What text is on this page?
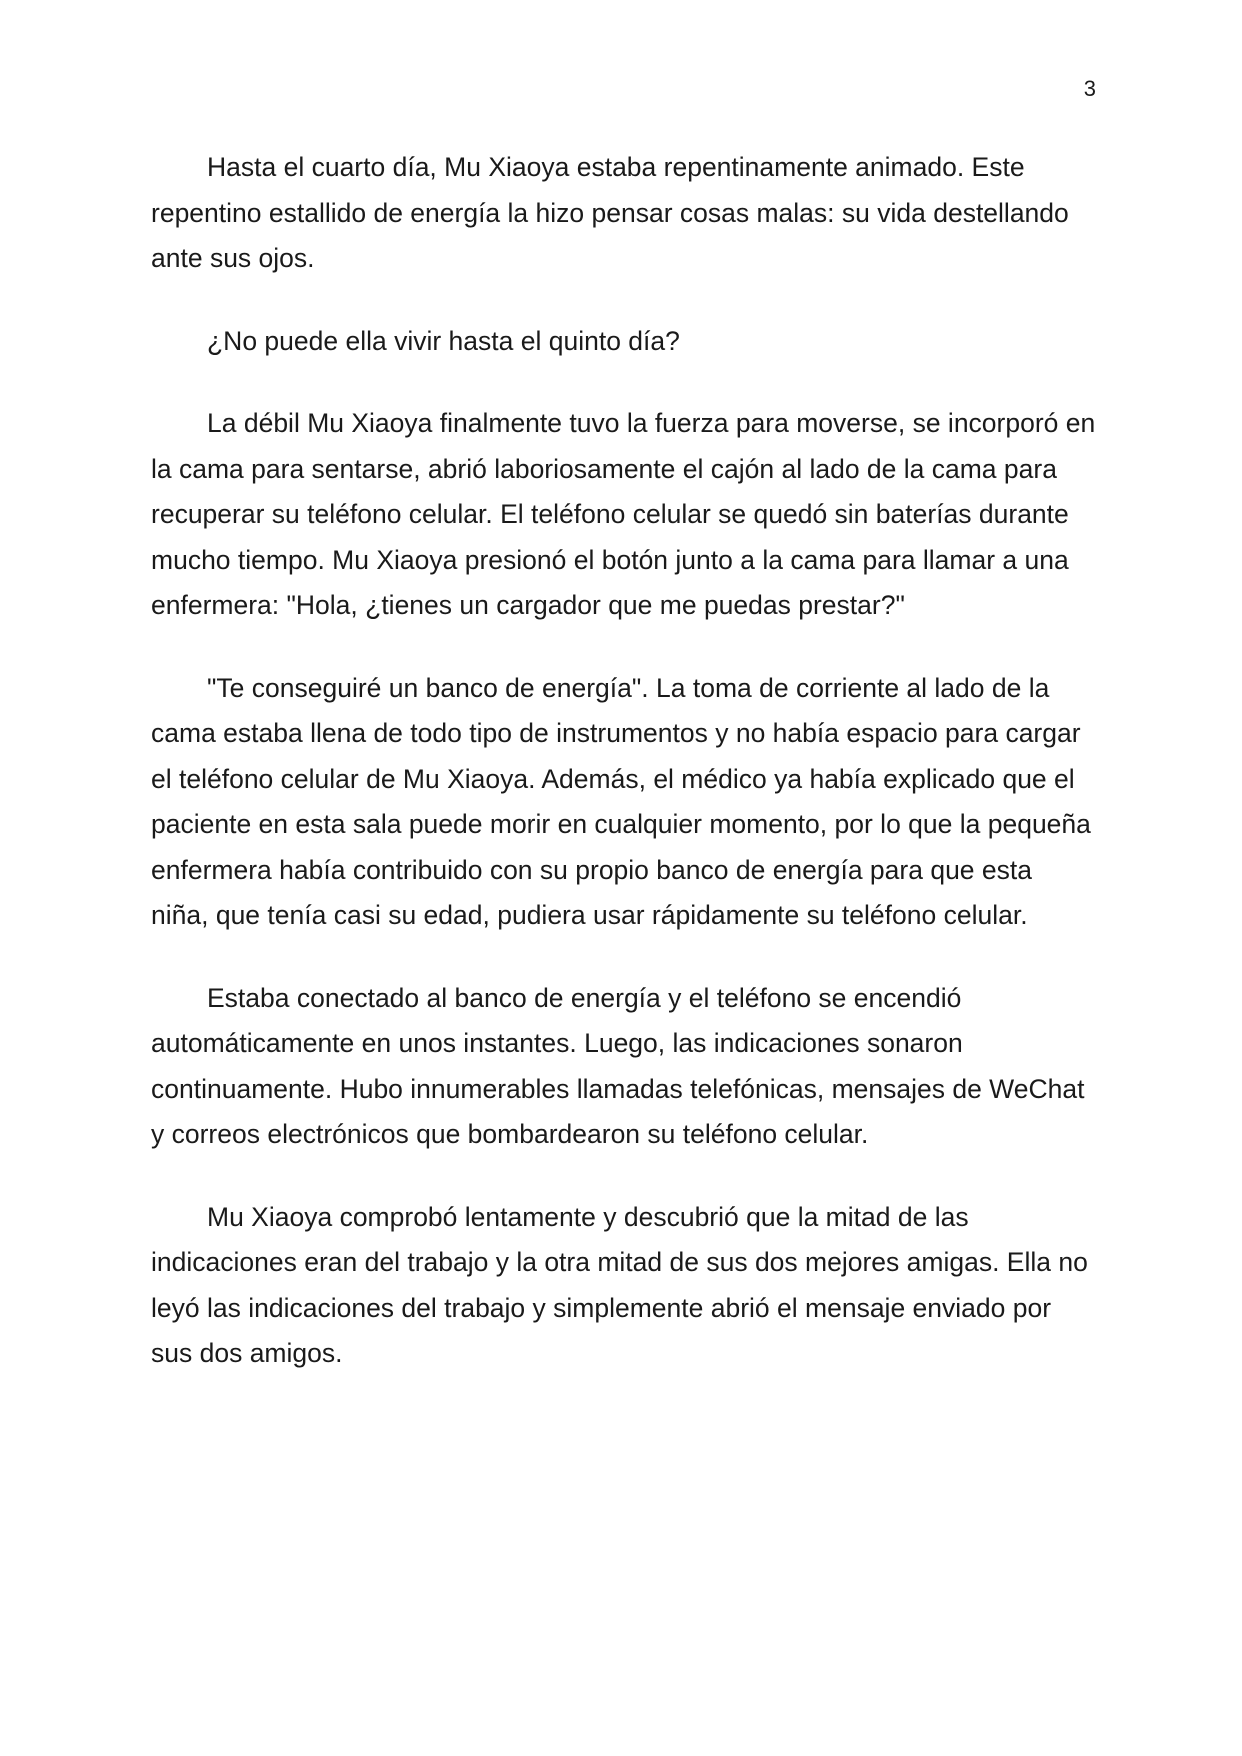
3

Hasta el cuarto día, Mu Xiaoya estaba repentinamente animado. Este repentino estallido de energía la hizo pensar cosas malas: su vida destellando ante sus ojos.

¿No puede ella vivir hasta el quinto día?

La débil Mu Xiaoya finalmente tuvo la fuerza para moverse, se incorporó en la cama para sentarse, abrió laboriosamente el cajón al lado de la cama para recuperar su teléfono celular. El teléfono celular se quedó sin baterías durante mucho tiempo. Mu Xiaoya presionó el botón junto a la cama para llamar a una enfermera: "Hola, ¿tienes un cargador que me puedas prestar?"

"Te conseguiré un banco de energía". La toma de corriente al lado de la cama estaba llena de todo tipo de instrumentos y no había espacio para cargar el teléfono celular de Mu Xiaoya. Además, el médico ya había explicado que el paciente en esta sala puede morir en cualquier momento, por lo que la pequeña enfermera había contribuido con su propio banco de energía para que esta niña, que tenía casi su edad, pudiera usar rápidamente su teléfono celular.

Estaba conectado al banco de energía y el teléfono se encendió automáticamente en unos instantes. Luego, las indicaciones sonaron continuamente. Hubo innumerables llamadas telefónicas, mensajes de WeChat y correos electrónicos que bombardearon su teléfono celular.

Mu Xiaoya comprobó lentamente y descubrió que la mitad de las indicaciones eran del trabajo y la otra mitad de sus dos mejores amigas. Ella no leyó las indicaciones del trabajo y simplemente abrió el mensaje enviado por sus dos amigos.
